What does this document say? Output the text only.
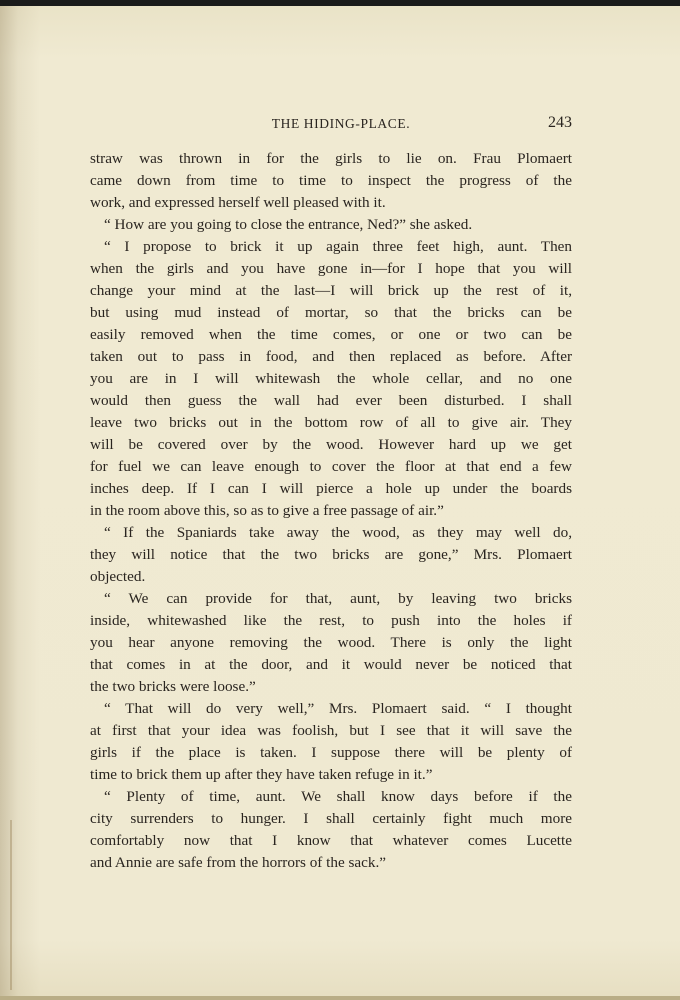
THE HIDING-PLACE.	243
straw was thrown in for the girls to lie on. Frau Plomaert
came down from time to time to inspect the progress of the
work, and expressed herself well pleased with it.
“ How are you going to close the entrance, Ned?” she asked.
“ I propose to brick it up again three feet high, aunt. Then
when the girls and you have gone in—for I hope that you will
change your mind at the last—I will brick up the rest of it,
but using mud instead of mortar, so that the bricks can be
easily removed when the time comes, or one or two can be
taken out to pass in food, and then replaced as before. After
you are in I will whitewash the whole cellar, and no one
would then guess the wall had ever been disturbed. I shall
leave two bricks out in the bottom row of all to give air. They
will be covered over by the wood. However hard up we get
for fuel we can leave enough to cover the floor at that end a few
inches deep. If I can I will pierce a hole up under the boards
in the room above this, so as to give a free passage of air.”
“ If the Spaniards take away the wood, as they may well do,
they will notice that the two bricks are gone,” Mrs. Plomaert
objected.
“ We can provide for that, aunt, by leaving two bricks
inside, whitewashed like the rest, to push into the holes if
you hear anyone removing the wood. There is only the light
that comes in at the door, and it would never be noticed that
the two bricks were loose.”
“ That will do very well,” Mrs. Plomaert said. “ I thought
at first that your idea was foolish, but I see that it will save the
girls if the place is taken. I suppose there will be plenty of
time to brick them up after they have taken refuge in it.”
“ Plenty of time, aunt. We shall know days before if the
city surrenders to hunger. I shall certainly fight much more
comfortably now that I know that whatever comes Lucette
and Annie are safe from the horrors of the sack.”
